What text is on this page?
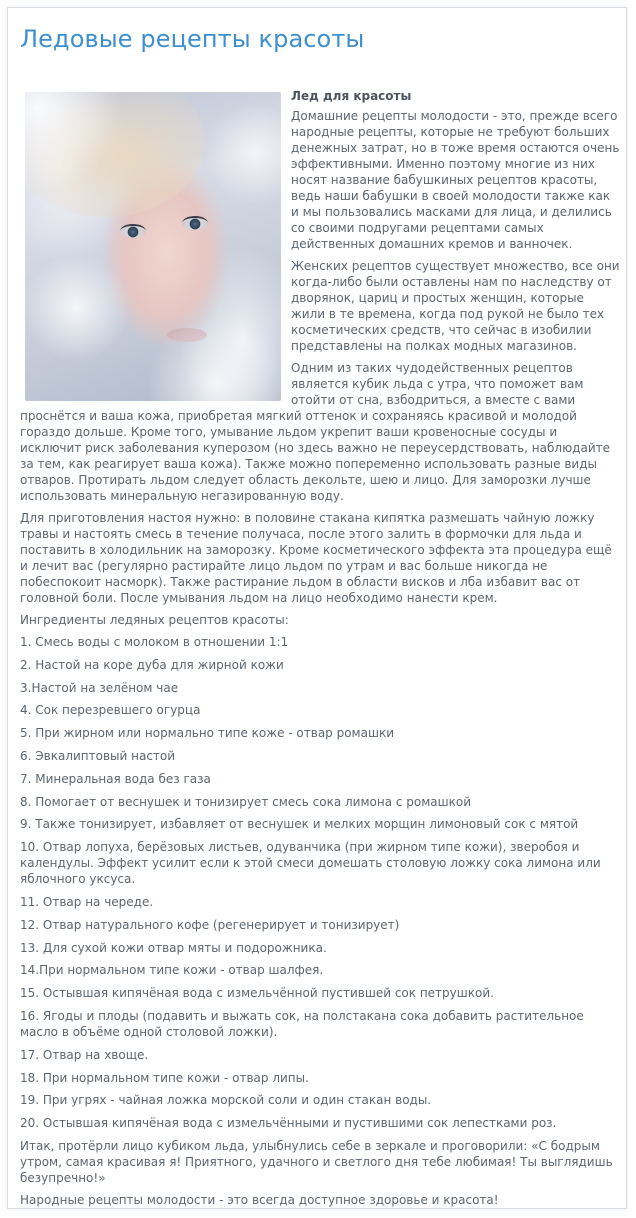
Ледовые рецепты красоты

Лед для красоты

Домашние рецепты молодости - это, прежде всего народные рецепты, которые не требуют больших денежных затрат, но в тоже время остаются очень эффективными. Именно поэтому многие из них носят название бабушкиных рецептов красоты, ведь наши бабушки в своей молодости также как и мы пользовались масками для лица, и делились со своими подругами рецептами самых действенных домашних кремов и ванночек.

Женских рецептов существует множество, все они когда-либо были оставлены нам по наследству от дворянок, цариц и простых женщин, которые жили в те времена, когда под рукой не было тех косметических средств, что сейчас в изобилии представлены на полках модных магазинов.

Одним из таких чудодейственных рецептов является кубик льда с утра, что поможет вам отойти от сна, взбодриться, а вместе с вами проснётся и ваша кожа, приобретая мягкий оттенок и сохраняясь красивой и молодой гораздо дольше. Кроме того, умывание льдом укрепит ваши кровеносные сосуды и исключит риск заболевания куперозом (но здесь важно не переусердствовать, наблюдайте за тем, как реагирует ваша кожа). Также можно попеременно использовать разные виды отваров. Протирать льдом следует область декольте, шею и лицо. Для заморозки лучше использовать минеральную негазированную воду.

Для приготовления настоя нужно: в половине стакана кипятка размешать чайную ложку травы и настоять смесь в течение получаса, после этого залить в формочки для льда и поставить в холодильник на заморозку. Кроме косметического эффекта эта процедура ещё и лечит вас (регулярно растирайте лицо льдом по утрам и вас больше никогда не побеспокоит насморк). Также растирание льдом в области висков и лба избавит вас от головной боли. После умывания льдом на лицо необходимо нанести крем.

Ингредиенты ледяных рецептов красоты:

1. Смесь воды с молоком в отношении 1:1

2. Настой на коре дуба для жирной кожи

3.Настой на зелёном чае

4. Сок перезревшего огурца

5. При жирном или нормально типе коже - отвар ромашки

6. Эвкалиптовый настой

7. Минеральная вода без газа

8. Помогает от веснушек и тонизирует смесь сока лимона с ромашкой

9. Также тонизирует, избавляет от веснушек и мелких морщин лимоновый сок с мятой

10. Отвар лопуха, берёзовых листьев, одуванчика (при жирном типе кожи), зверобоя и календулы. Эффект усилит если к этой смеси домешать столовую ложку сока лимона или яблочного уксуса.

11. Отвар на череде.

12. Отвар натурального кофе (регенерирует и тонизирует)

13. Для сухой кожи отвар мяты и подорожника.

14.При нормальном типе кожи - отвар шалфея.

15. Остывшая кипячёная вода с измельчённой пустившей сок петрушкой.

16. Ягоды и плоды (подавить и выжать сок, на полстакана сока добавить растительное масло в объёме одной столовой ложки).

17. Отвар на хвоще.

18. При нормальном типе кожи - отвар липы.

19. При угрях - чайная ложка морской соли и один стакан воды.

20. Остывшая кипячёная вода с измельчёнными и пустившими сок лепестками роз.

Итак, протёрли лицо кубиком льда, улыбнулись себе в зеркале и проговорили: «С бодрым утром, самая красивая я! Приятного, удачного и светлого дня тебе любимая! Ты выглядишь безупречно!»

Народные рецепты молодости - это всегда доступное здоровье и красота!
